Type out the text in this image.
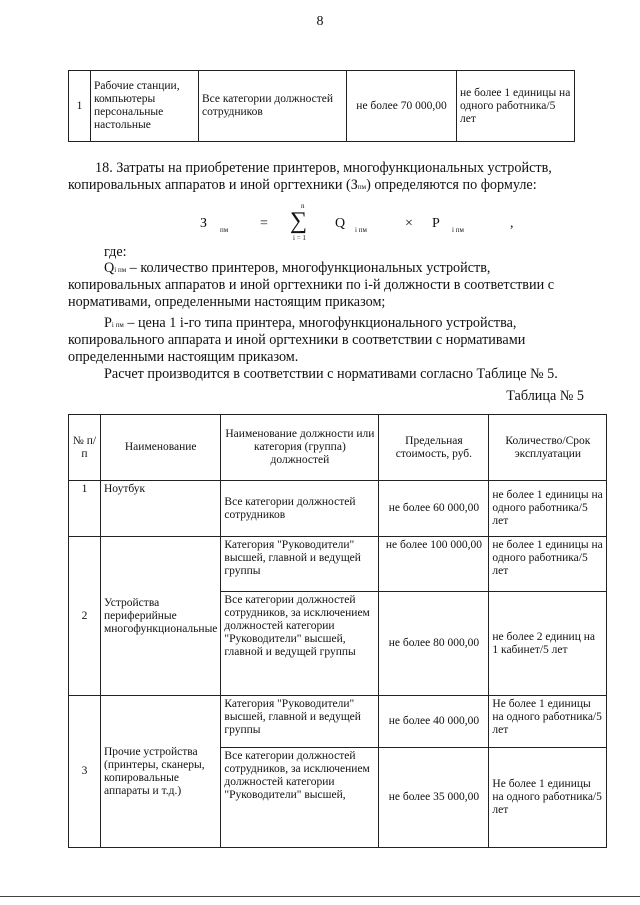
8
1	Рабочие станции, компьютеры персональные настольные	Все категории должностей сотрудников	не более 70 000,00	не более 1 единицы на одного работника/5 лет
18. Затраты на приобретение принтеров, многофункциональных устройств,
копировальных аппаратов и иной оргтехники (Зпм) определяются по формуле:
З пм = ∑
n
i = 1
Q i пм	× P i пм	,
где:
Qi пм – количество принтеров, многофункциональных устройств,
копировальных аппаратов и иной оргтехники по i-й должности в соответствии с
нормативами, определенными настоящим приказом;
Pi пм – цена 1 i-го типа принтера, многофункционального устройства,
копировального аппарата и иной оргтехники в соответствии с нормативами
определенными настоящим приказом.
Расчет производится в соответствии с нормативами согласно Таблице № 5.
Таблица № 5
№ п/п	Наименование	Наименование должности или категория (группа) должностей	Предельная стоимость, руб.	Количество/Срок эксплуатации
1	Ноутбук	Все категории должностей сотрудников	не более 60 000,00	не более 1 единицы на одного работника/5 лет
2	Устройства периферийные многофункциональные	Категория "Руководители" высшей, главной и ведущей группы	не более 100 000,00	не более 1 единицы на одного работника/5 лет
		Все категории должностей сотрудников, за исключением должностей категории "Руководители" высшей, главной и ведущей группы	не более 80 000,00	не более 2 единиц на 1 кабинет/5 лет
3	Прочие устройства (принтеры, сканеры, копировальные аппараты и т.д.)	Категория "Руководители" высшей, главной и ведущей группы	не более 40 000,00	Не более 1 единицы на одного работника/5 лет
		Все категории должностей сотрудников, за исключением должностей категории "Руководители" высшей,	не более 35 000,00	Не более 1 единицы на одного работника/5 лет
